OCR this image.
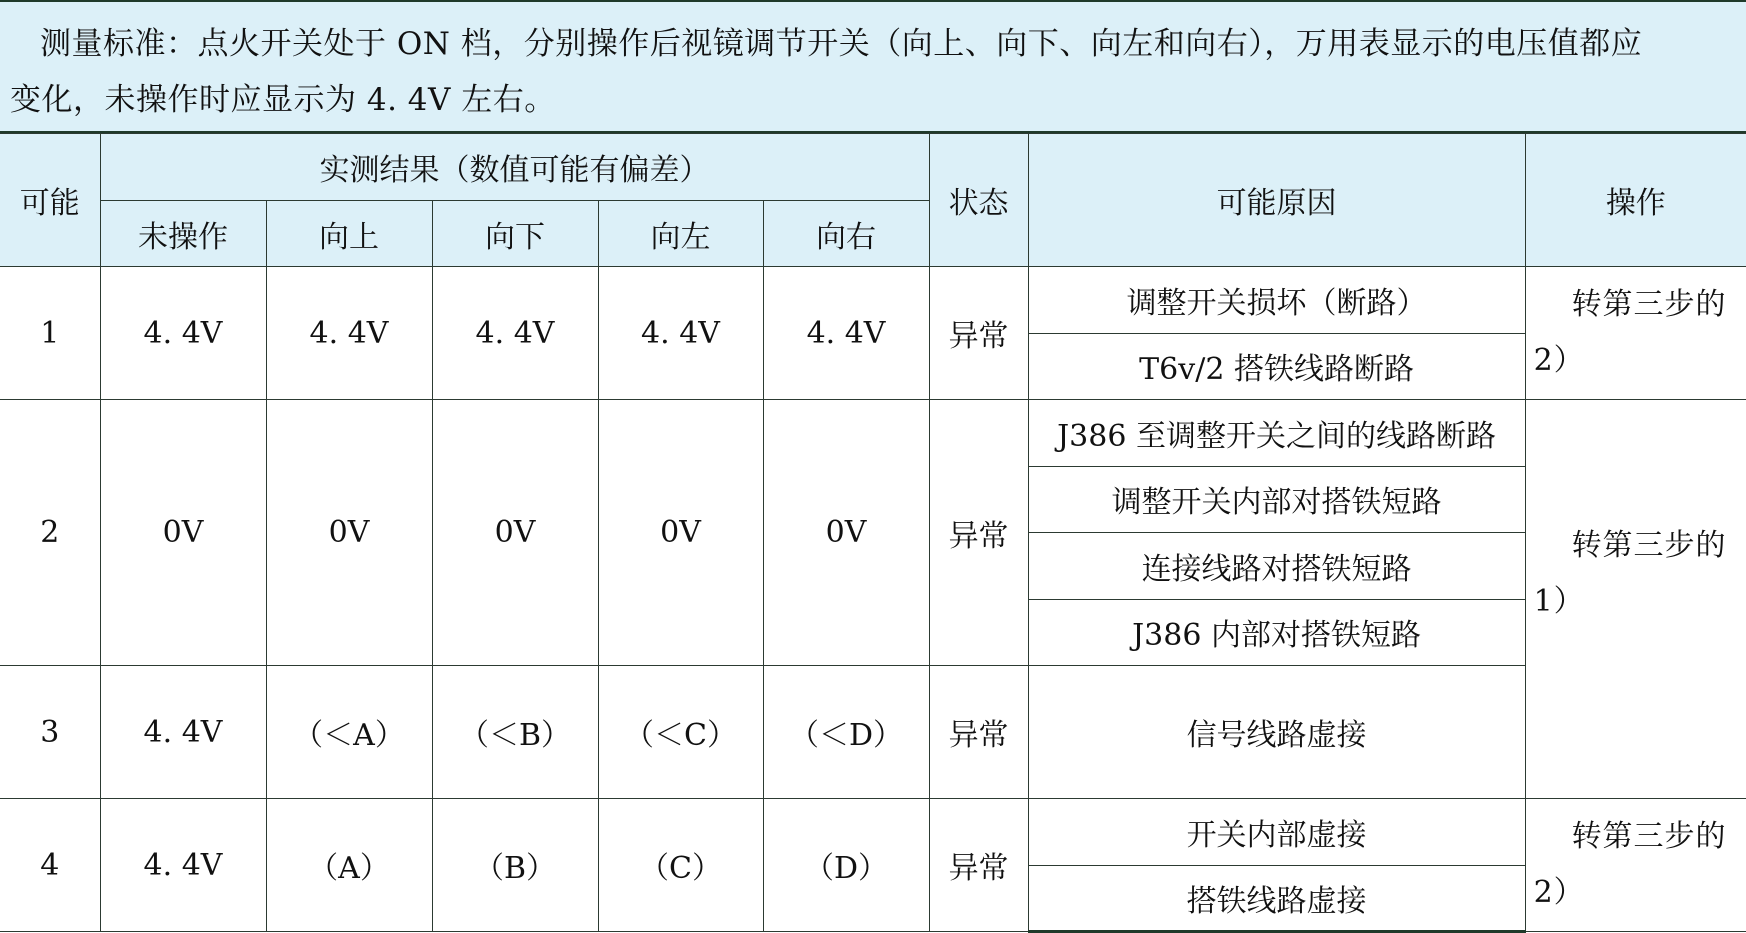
测量标准：点火开关处于 ON 档，分别操作后视镜调节开关（向上、向下、向左和向右），万用表显示的电压值都应
变化，未操作时应显示为 4. 4V 左右。
可能	实测结果（数值可能有偏差）					状态	可能原因	操作
	未操作	向上	向下	向左	向右			
1	4. 4V	4. 4V	4. 4V	4. 4V	4. 4V	异常	调整开关损坏（断路）	转第三步的
2）

							T6v/2 搭铁线路断路	
2	0V	0V	0V	0V	0V	异常	J386 至调整开关之间的线路断路	转第三步的
1）

							调整开关内部对搭铁短路	
							连接线路对搭铁短路	
							J386 内部对搭铁短路	
3	4. 4V	（＜A）	（＜B）	（＜C）	（＜D）	异常	信号线路虚接	

4	4. 4V	（A）	（B）	（C）	（D）	异常	开关内部虚接	转第三步的
2）

							搭铁线路虚接	
